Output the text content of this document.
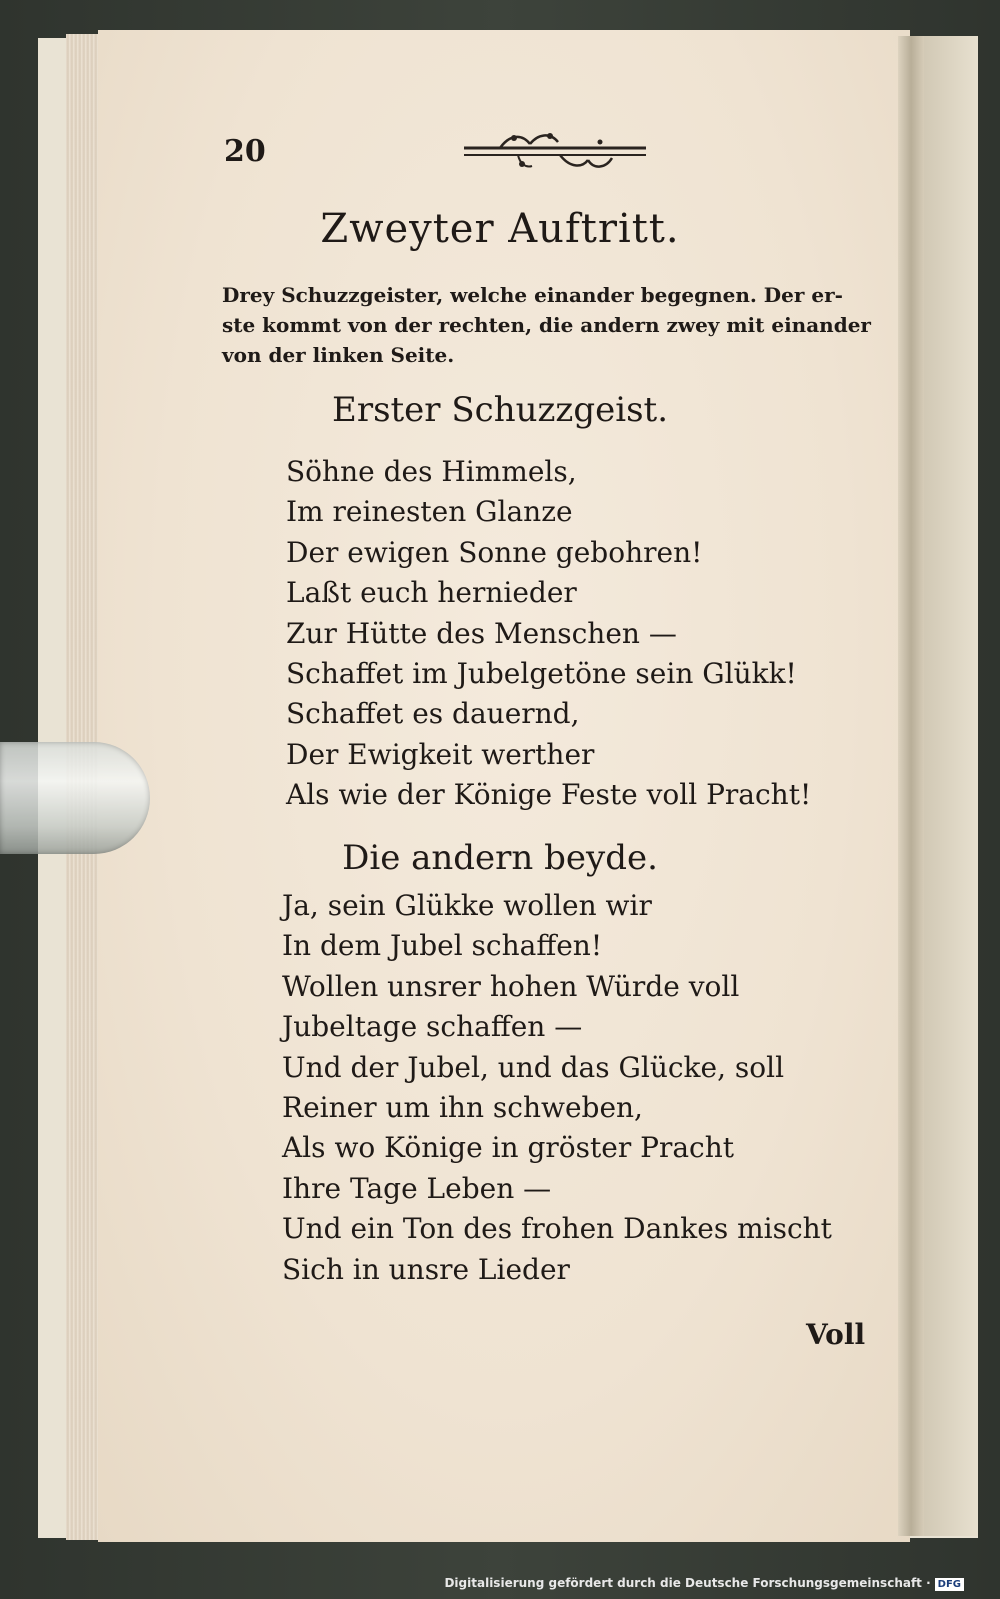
20
Zweyter Auftritt.
Drey Schuzzgeister, welche einander begegnen. Der er-
ste kommt von der rechten, die andern zwey mit einander
von der linken Seite.
Erster Schuzzgeist.
Söhne des Himmels,
Im reinesten Glanze
Der ewigen Sonne gebohren!
Laßt euch hernieder
Zur Hütte des Menschen —
Schaffet im Jubelgetöne sein Glükk!
Schaffet es dauernd,
Der Ewigkeit werther
Als wie der Könige Feste voll Pracht!
Die andern beyde.
Ja, sein Glükke wollen wir
In dem Jubel schaffen!
Wollen unsrer hohen Würde voll
Jubeltage schaffen —
Und der Jubel, und das Glücke, soll
Reiner um ihn schweben,
Als wo Könige in gröster Pracht
Ihre Tage Leben —
Und ein Ton des frohen Dankes mischt
Sich in unsre Lieder
Voll
Digitalisierung gefördert durch die Deutsche Forschungsgemeinschaft · DFG
